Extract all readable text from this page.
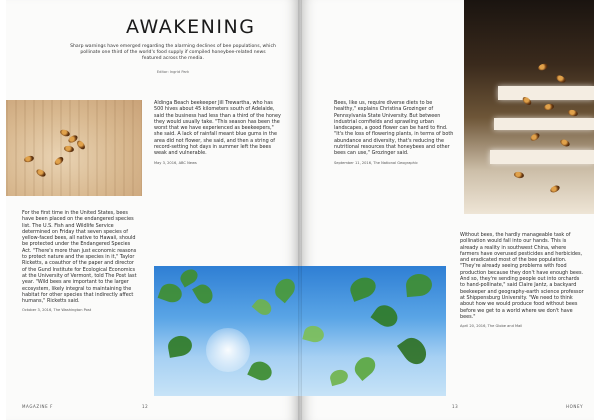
AWAKENING
Sharp warnings have emerged regarding the alarming declines of bee populations, which pollinate one third of the world's food supply if compiled honeybee-related news featured across the media.
Editor: Ingrid Park
For the first time in the United States, bees have been placed on the endangered species list. The U.S. Fish and Wildlife Service determined on Friday that seven species of yellow-faced bees, all native to Hawaii, should be protected under the Endangered Species Act. "There's more than just economic reasons to protect nature and the species in it," Taylor Ricketts, a coauthor of the paper and director of the Gund Institute for Ecological Economics at the University of Vermont, told The Post last year. "Wild bees are important to the larger ecosystem, likely integral to maintaining the habitat for other species that indirectly affect humans," Ricketts said.
October 3, 2016, The Washington Post
Aldinga Beach beekeeper Jill Trewartha, who has 500 hives about 45 kilometers south of Adelaide, said the business had less than a third of the honey they would usually take. "This season has been the worst that we have experienced as beekeepers," she said. A lack of rainfall meant blue gums in the area did not flower, she said, and then a string of record-setting hot days in summer left the bees weak and vulnerable.
May 3, 2016, ABC News
MAGAZINE F	12
Bees, like us, require diverse diets to be healthy," explains Christina Grozinger of Pennsylvania State University. But between industrial cornfields and sprawling urban landscapes, a good flower can be hard to find. "It's the loss of flowering plants, in terms of both abundance and diversity, that's reducing the nutritional resources that honeybees and other bees can use," Grozinger said.
September 11, 2016, The National Geographic
Without bees, the hardly manageable task of pollination would fall into our hands. This is already a reality in southwest China, where farmers have overused pesticides and herbicides, and eradicated most of the bee population. "They're already seeing problems with food production because they don't have enough bees. And so, they're sending people out into orchards to hand-pollinate," said Claire Jantz, a backyard beekeeper and geography-earth science professor at Shippensburg University. "We need to think about how we would produce food without bees before we get to a world where we don't have bees."
April 20, 2016, The Globe and Mail
13	HONEY
